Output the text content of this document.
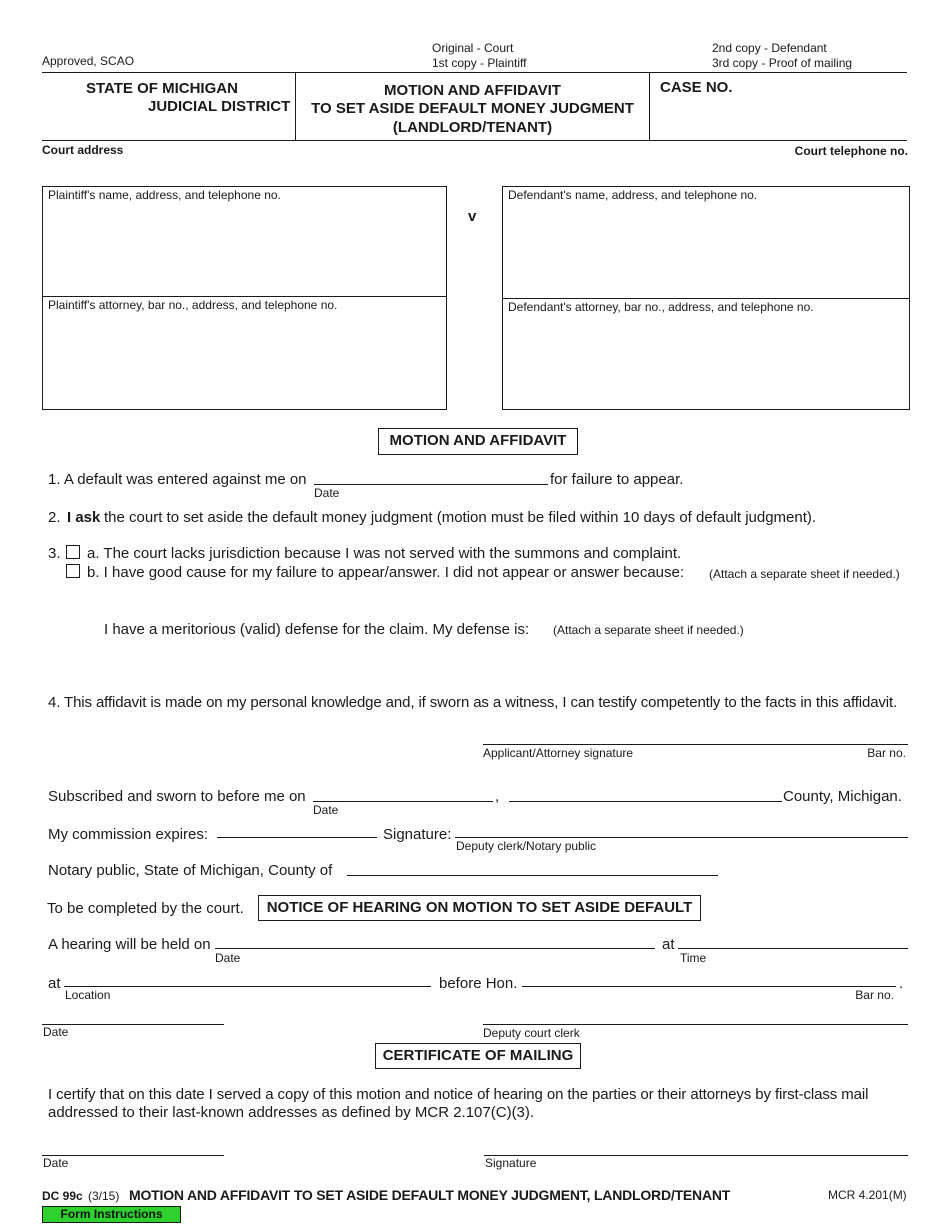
Approved, SCAO
Original - Court
1st copy - Plaintiff
2nd copy - Defendant
3rd copy - Proof of mailing
STATE OF MICHIGAN
JUDICIAL DISTRICT
MOTION AND AFFIDAVIT
TO SET ASIDE DEFAULT MONEY JUDGMENT
(LANDLORD/TENANT)
CASE NO.
Court address	Court telephone no.
Plaintiff's name, address, and telephone no.
Plaintiff's attorney, bar no., address, and telephone no.
v
Defendant's name, address, and telephone no.
Defendant's attorney, bar no., address, and telephone no.
MOTION AND AFFIDAVIT
1. A default was entered against me on
Date
for failure to appear.
2. I ask the court to set aside the default money judgment (motion must be filed within 10 days of default judgment).
3. a. The court lacks jurisdiction because I was not served with the summons and complaint.
b. I have good cause for my failure to appear/answer. I did not appear or answer because: (Attach a separate sheet if needed.)
I have a meritorious (valid) defense for the claim. My defense is: (Attach a separate sheet if needed.)
4. This affidavit is made on my personal knowledge and, if sworn as a witness, I can testify competently to the facts in this affidavit.
Applicant/Attorney signature	Bar no.
Subscribed and sworn to before me on
Date
,	County, Michigan.
My commission expires:	Signature:
Deputy clerk/Notary public
Notary public, State of Michigan, County of
To be completed by the court.	NOTICE OF HEARING ON MOTION TO SET ASIDE DEFAULT
A hearing will be held on
Date
at
Time
at
Location
before Hon.
Bar no.
.
Date	Deputy court clerk
CERTIFICATE OF MAILING
I certify that on this date I served a copy of this motion and notice of hearing on the parties or their attorneys by first-class mail
addressed to their last-known addresses as defined by MCR 2.107(C)(3).
Date	Signature
DC 99c (3/15) MOTION AND AFFIDAVIT TO SET ASIDE DEFAULT MONEY JUDGMENT, LANDLORD/TENANT	MCR 4.201(M)
Form Instructions
